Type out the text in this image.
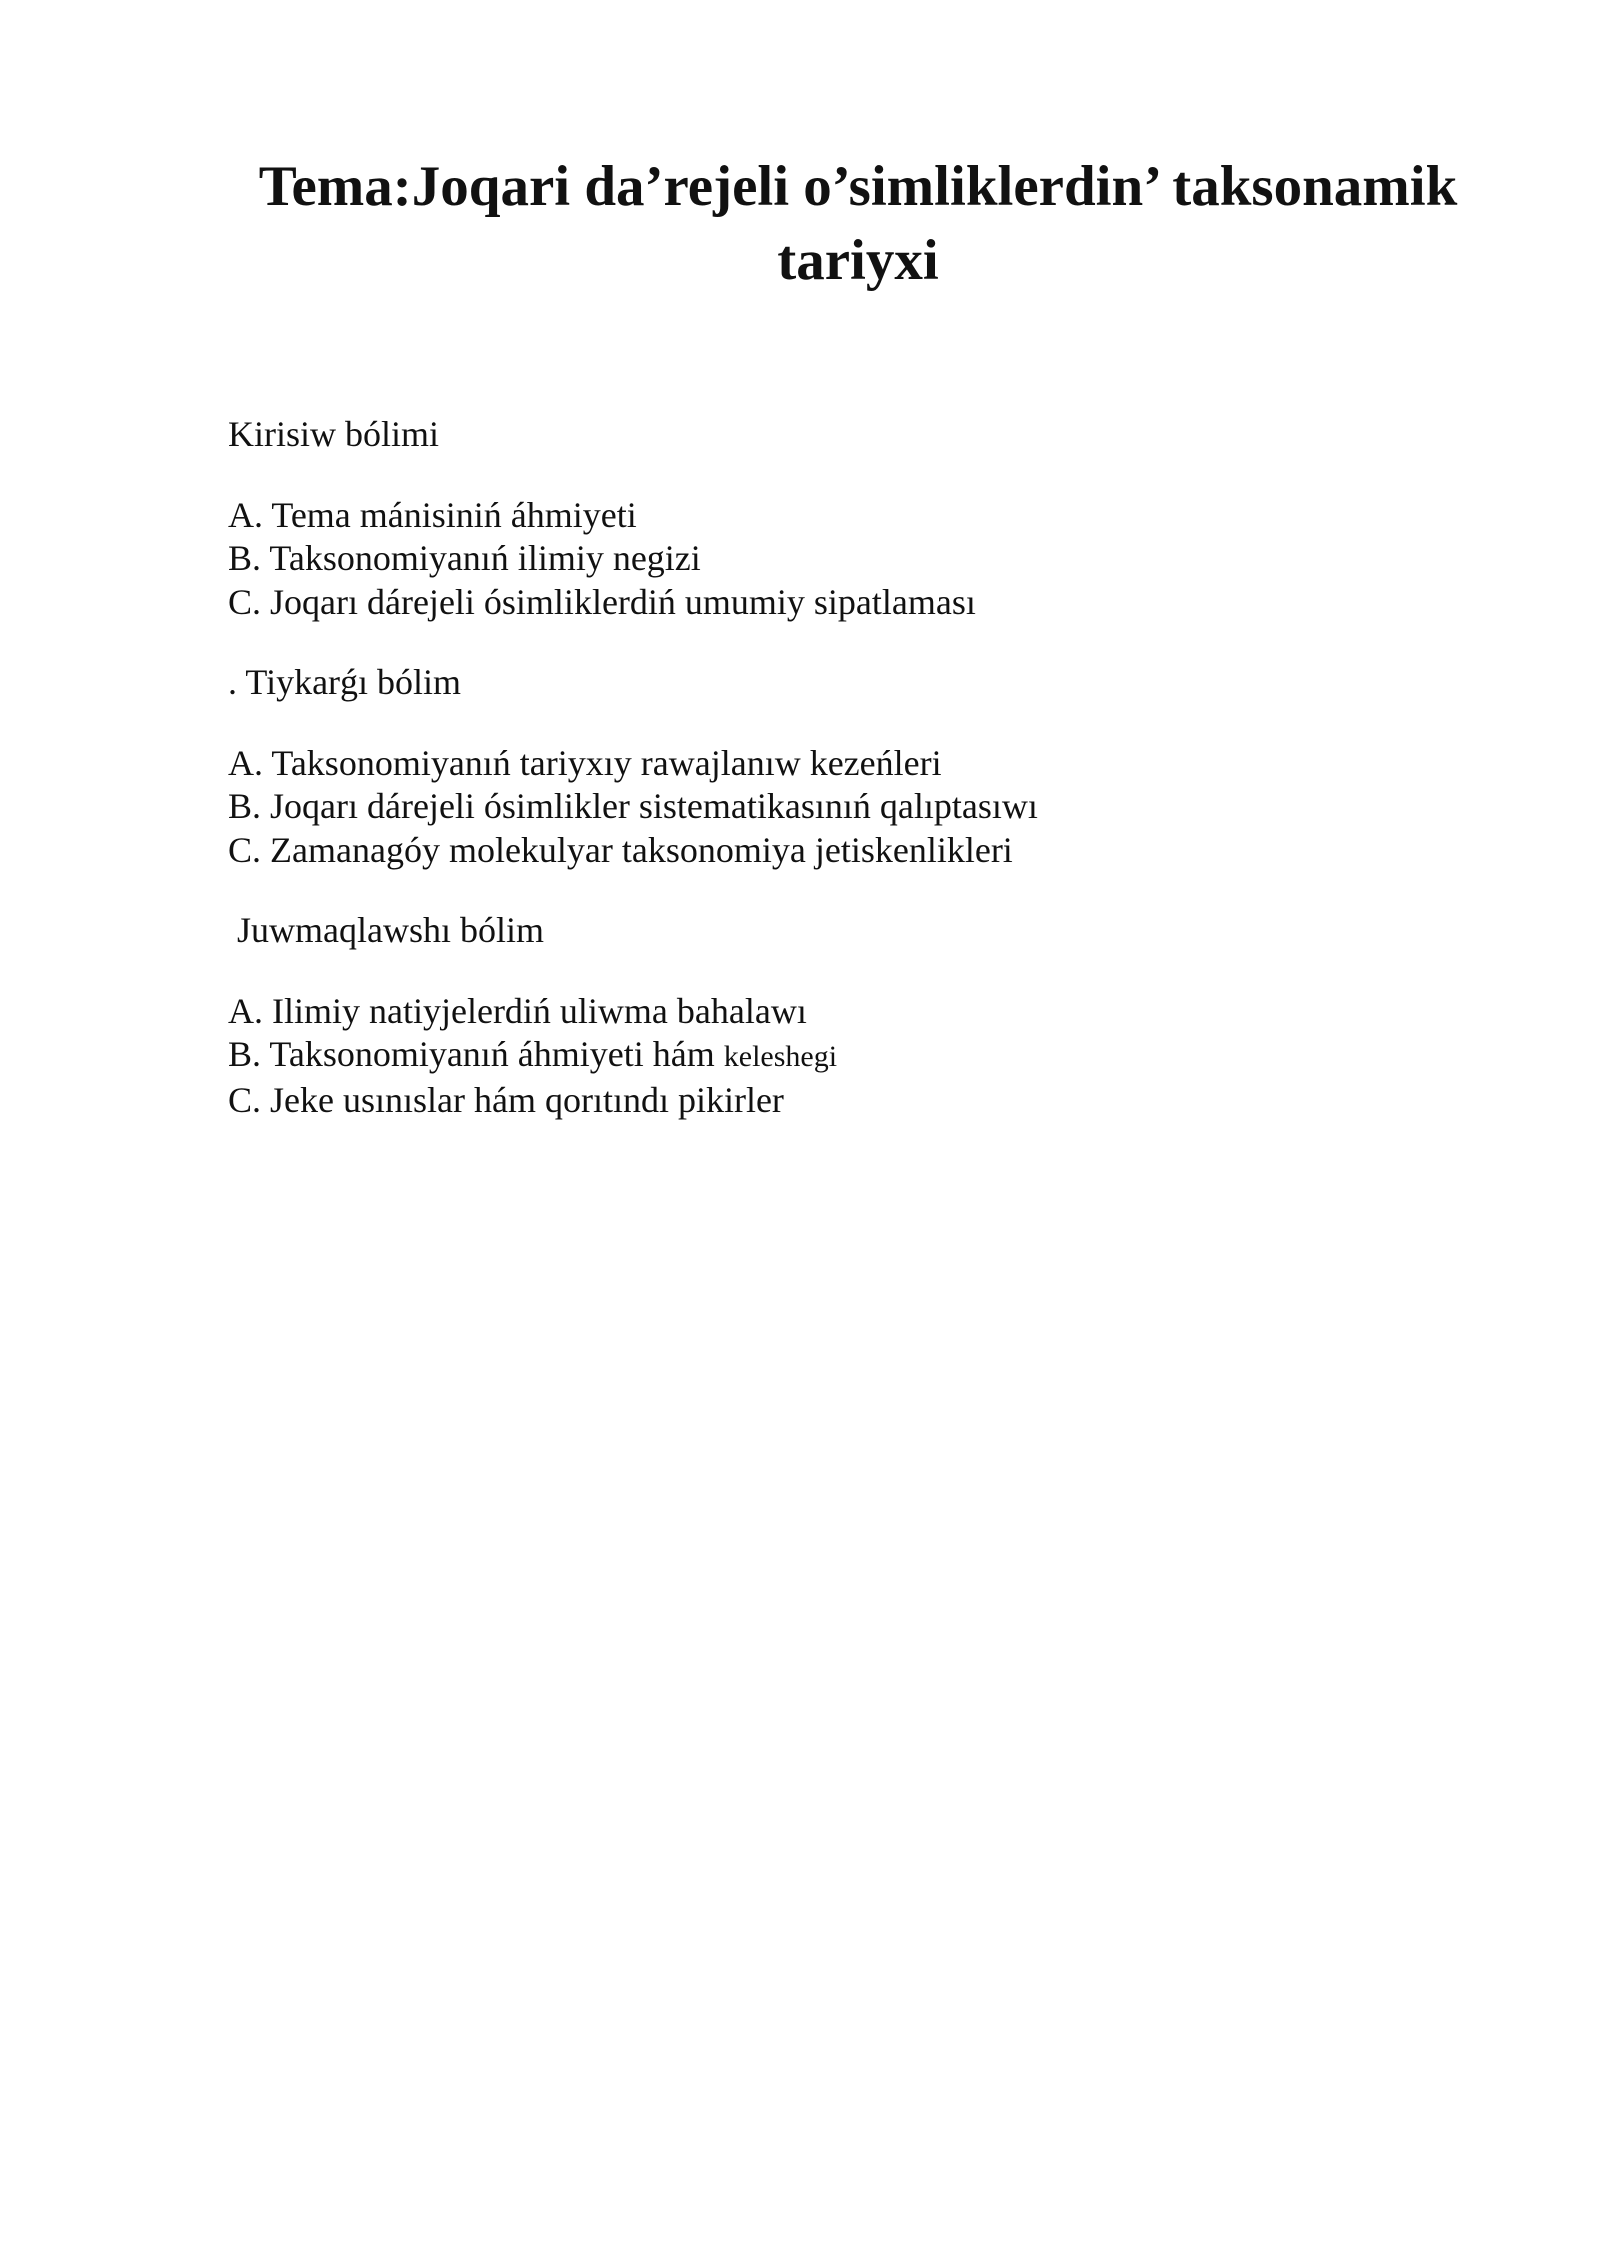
Tema:Joqari da’rejeli o’simliklerdin’ taksonamik tariyxi

Kirisiw bólimi

A. Tema mánisiniń áhmiyeti
B. Taksonomiyanıń ilimiy negizi
C. Joqarı dárejeli ósimliklerdiń umumiy sipatlaması

. Tiykarǵı bólim

A. Taksonomiyanıń tariyxıy rawajlanıw kezeńleri
B. Joqarı dárejeli ósimlikler sistematikasınıń qalıptasıwı
C. Zamanagóy molekulyar taksonomiya jetiskenlikleri

Juwmaqlawshı bólim

A. Ilimiy natiyjelerdiń uliwma bahalawı
B. Taksonomiyanıń áhmiyeti hám keleshegi
C. Jeke usınıslar hám qorıtındı pikirler
